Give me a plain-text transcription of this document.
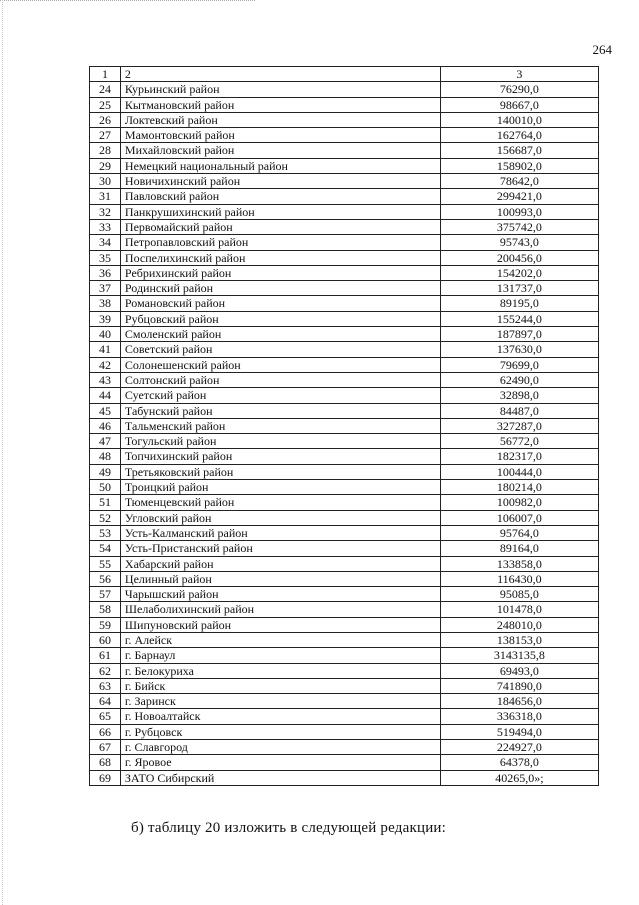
264
1	2	3
24	Курьинский район	76290,0
25	Кытмановский район	98667,0
26	Локтевский район	140010,0
27	Мамонтовский район	162764,0
28	Михайловский район	156687,0
29	Немецкий национальный район	158902,0
30	Новичихинский район	78642,0
31	Павловский район	299421,0
32	Панкрушихинский район	100993,0
33	Первомайский район	375742,0
34	Петропавловский район	95743,0
35	Поспелихинский район	200456,0
36	Ребрихинский район	154202,0
37	Родинский район	131737,0
38	Романовский район	89195,0
39	Рубцовский район	155244,0
40	Смоленский район	187897,0
41	Советский район	137630,0
42	Солонешенский район	79699,0
43	Солтонский район	62490,0
44	Суетский район	32898,0
45	Табунский район	84487,0
46	Тальменский район	327287,0
47	Тогульский район	56772,0
48	Топчихинский район	182317,0
49	Третьяковский район	100444,0
50	Троицкий район	180214,0
51	Тюменцевский район	100982,0
52	Угловский район	106007,0
53	Усть-Калманский район	95764,0
54	Усть-Пристанский район	89164,0
55	Хабарский район	133858,0
56	Целинный район	116430,0
57	Чарышский район	95085,0
58	Шелаболихинский район	101478,0
59	Шипуновский район	248010,0
60	г. Алейск	138153,0
61	г. Барнаул	3143135,8
62	г. Белокуриха	69493,0
63	г. Бийск	741890,0
64	г. Заринск	184656,0
65	г. Новоалтайск	336318,0
66	г. Рубцовск	519494,0
67	г. Славгород	224927,0
68	г. Яровое	64378,0
69	ЗАТО Сибирский	40265,0»;
б) таблицу 20 изложить в следующей редакции:
